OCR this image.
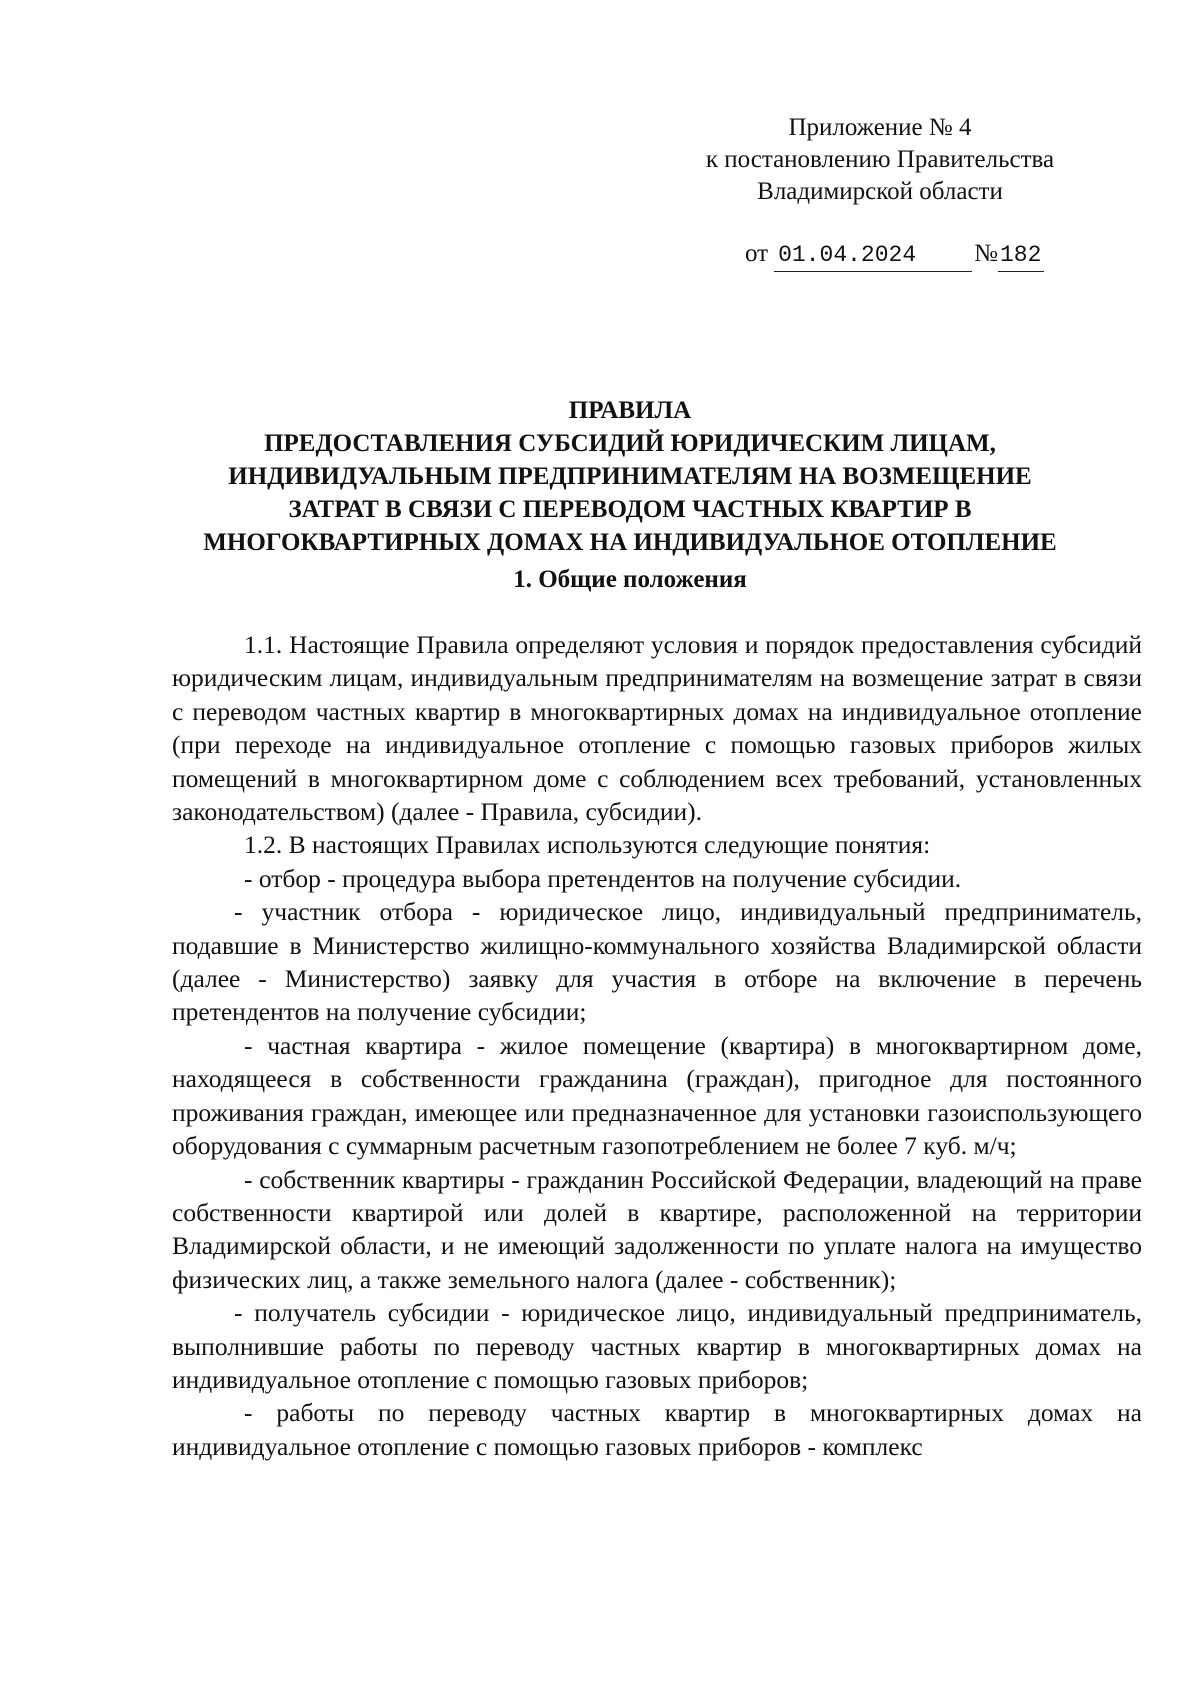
Приложение № 4
к постановлению Правительства
Владимирской области
от 01.04.2024 №182
ПРАВИЛА
ПРЕДОСТАВЛЕНИЯ СУБСИДИЙ ЮРИДИЧЕСКИМ ЛИЦАМ,
ИНДИВИДУАЛЬНЫМ ПРЕДПРИНИМАТЕЛЯМ НА ВОЗМЕЩЕНИЕ
ЗАТРАТ В СВЯЗИ С ПЕРЕВОДОМ ЧАСТНЫХ КВАРТИР В
МНОГОКВАРТИРНЫХ ДОМАХ НА ИНДИВИДУАЛЬНОЕ ОТОПЛЕНИЕ
1. Общие положения

1.1. Настоящие Правила определяют условия и порядок предоставления субсидий юридическим лицам, индивидуальным предпринимателям на возмещение затрат в связи с переводом частных квартир в многоквартирных домах на индивидуальное отопление (при переходе на индивидуальное отопление с помощью газовых приборов жилых помещений в многоквартирном доме с соблюдением всех требований, установленных законодательством) (далее - Правила, субсидии).

1.2. В настоящих Правилах используются следующие понятия:

- отбор - процедура выбора претендентов на получение субсидии.

- участник отбора - юридическое лицо, индивидуальный предприниматель, подавшие в Министерство жилищно-коммунального хозяйства Владимирской области (далее - Министерство) заявку для участия в отборе на включение в перечень претендентов на получение субсидии;

- частная квартира - жилое помещение (квартира) в многоквартирном доме, находящееся в собственности гражданина (граждан), пригодное для постоянного проживания граждан, имеющее или предназначенное для установки газоиспользующего оборудования с суммарным расчетным газопотреблением не более 7 куб. м/ч;

- собственник квартиры - гражданин Российской Федерации, владеющий на праве собственности квартирой или долей в квартире, расположенной на территории Владимирской области, и не имеющий задолженности по уплате налога на имущество физических лиц, а также земельного налога (далее - собственник);

- получатель субсидии - юридическое лицо, индивидуальный предприниматель, выполнившие работы по переводу частных квартир в многоквартирных домах на индивидуальное отопление с помощью газовых приборов;

- работы по переводу частных квартир в многоквартирных домах на индивидуальное отопление с помощью газовых приборов - комплекс
